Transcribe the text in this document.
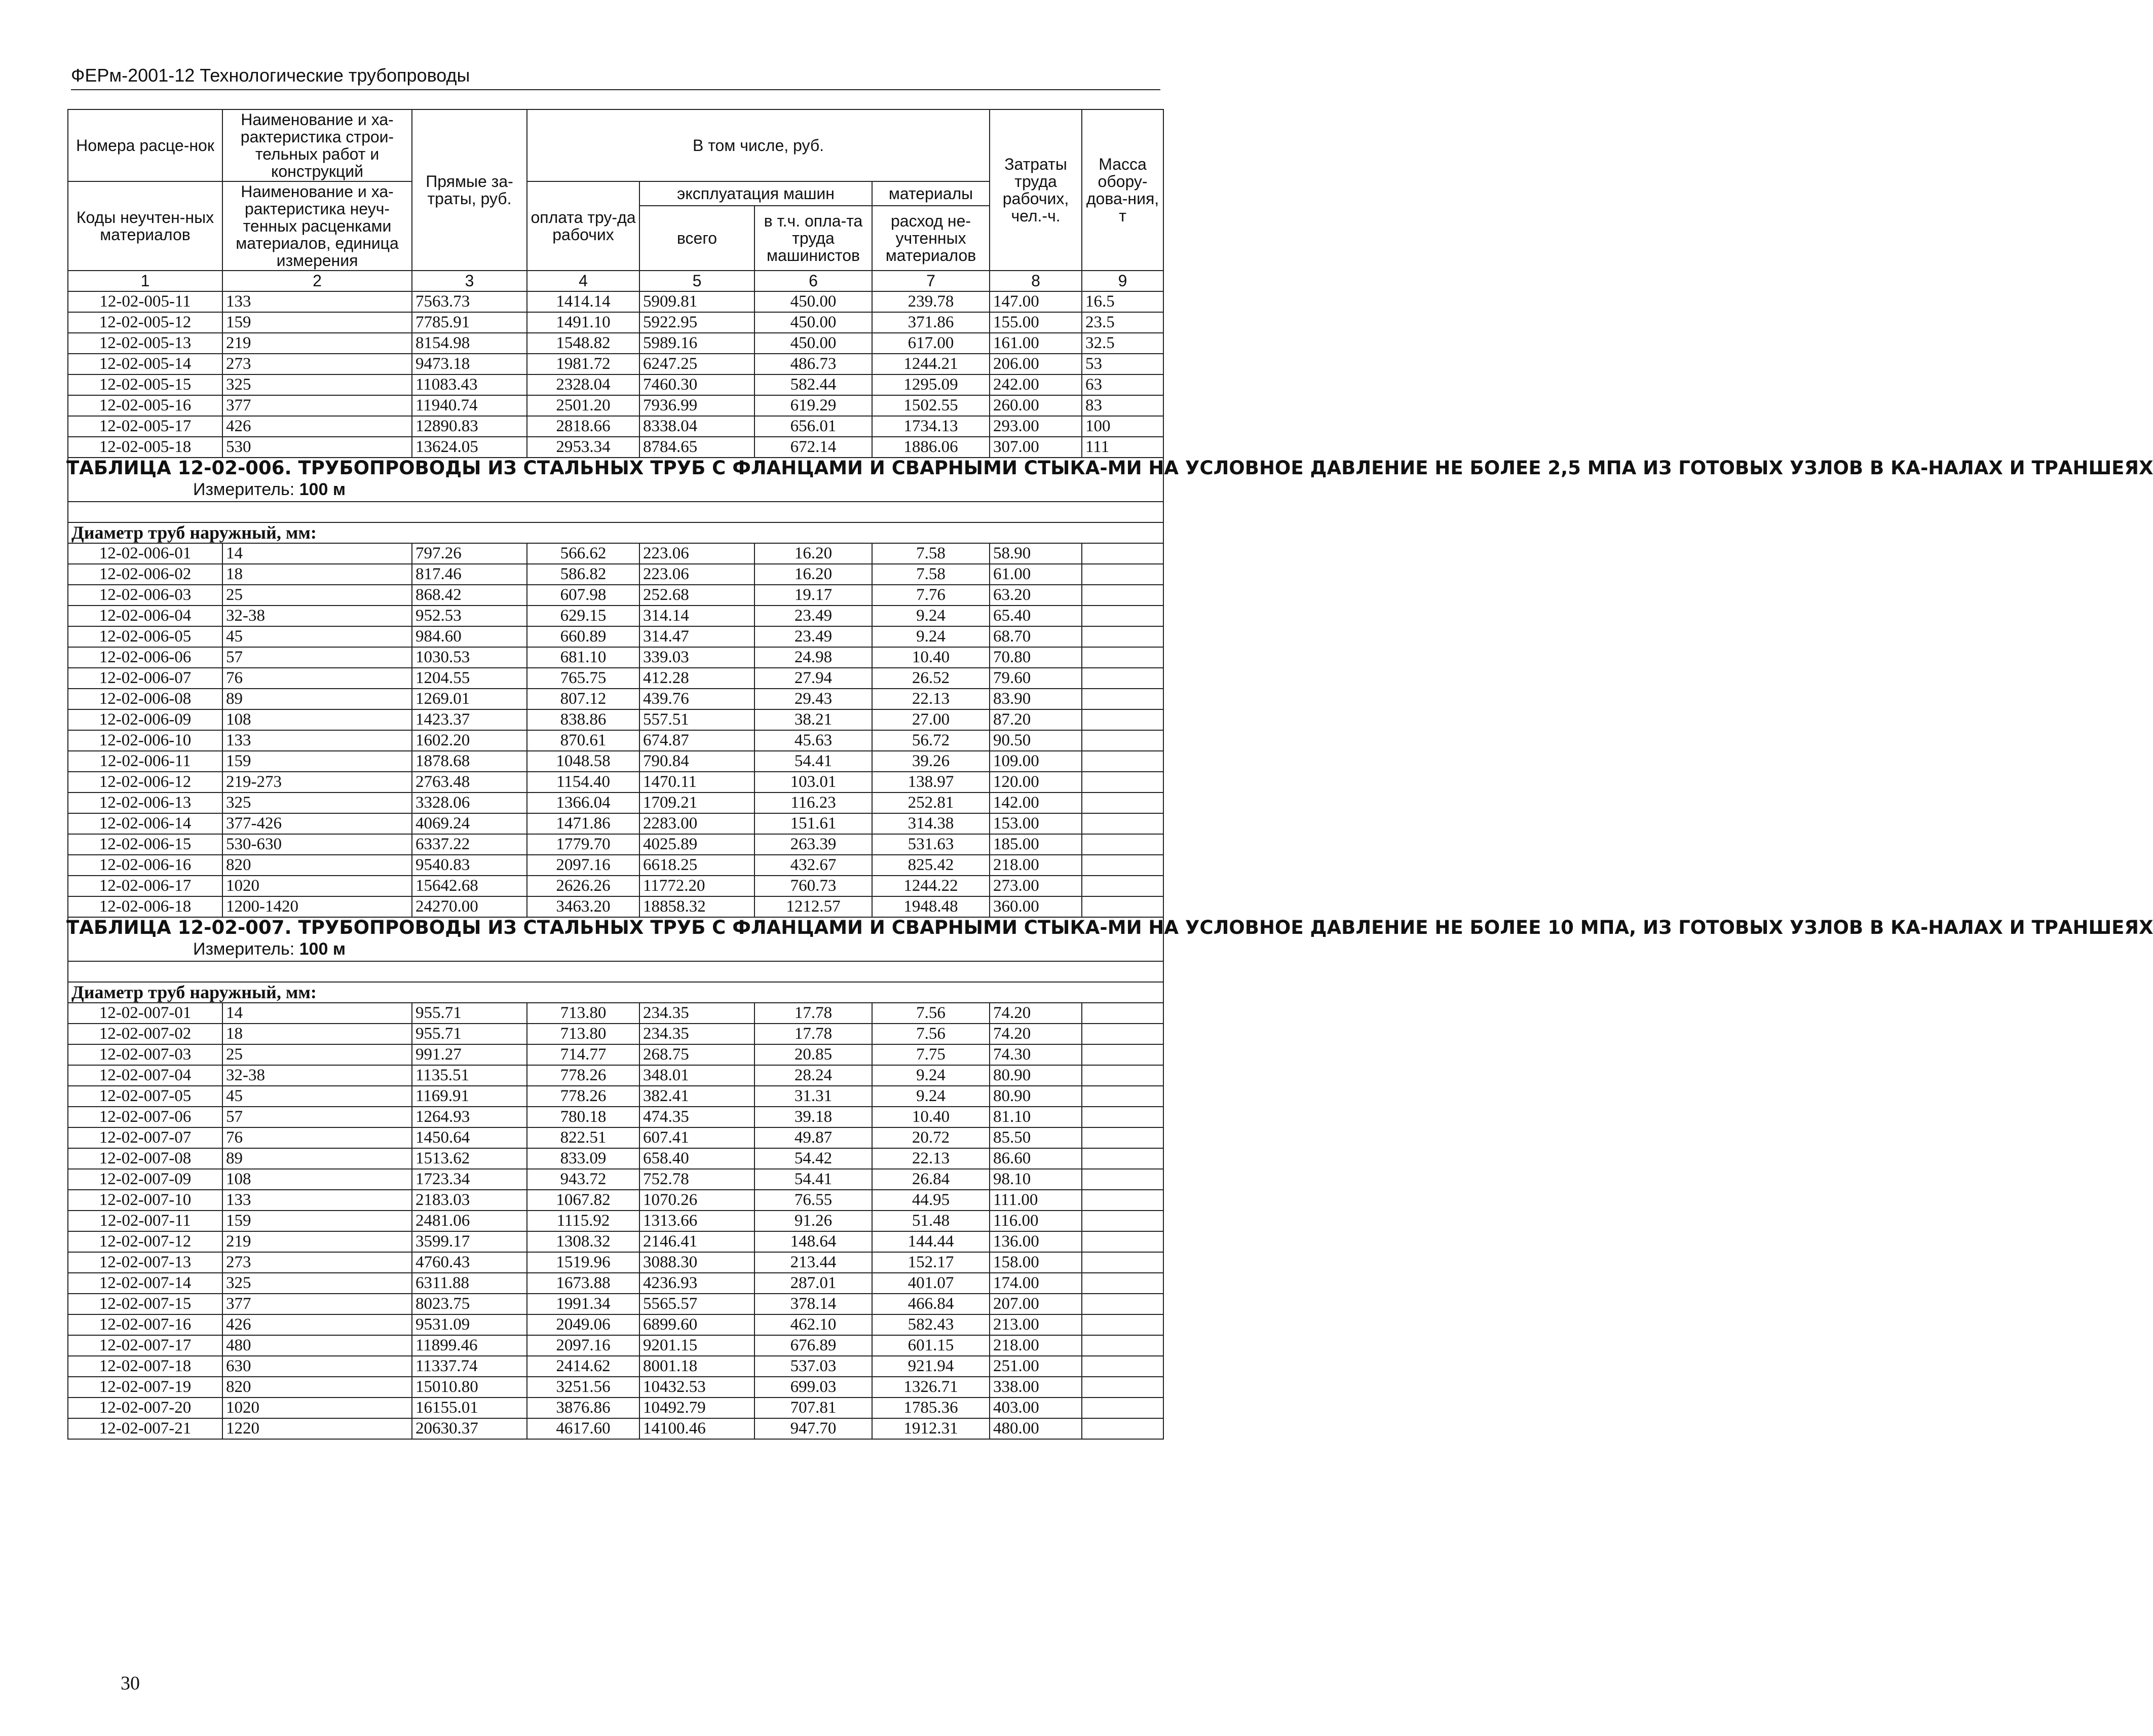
ФЕРм-2001-12 Технологические трубопроводы
Номера расце-нок	Наименование и ха-рактеристика строи-тельных работ и конструкций	Прямые за-траты, руб.	В том числе, руб.				Затраты труда рабочих, чел.-ч.	Масса обору-дова-ния, т
Коды неучтен-ных материалов	Наименование и ха-рактеристика неуч-тенных расценками материалов, единица измерения		оплата тру-да рабочих	эксплуатация машин		материалы		
				всего	в т.ч. опла-та труда машинистов	расход не-учтенных материалов		
1	2	3	4	5	6	7	8	9
12-02-005-11	133	7563.73	1414.14	5909.81	450.00	239.78	147.00	16.5
12-02-005-12	159	7785.91	1491.10	5922.95	450.00	371.86	155.00	23.5
12-02-005-13	219	8154.98	1548.82	5989.16	450.00	617.00	161.00	32.5
12-02-005-14	273	9473.18	1981.72	6247.25	486.73	1244.21	206.00	53
12-02-005-15	325	11083.43	2328.04	7460.30	582.44	1295.09	242.00	63
12-02-005-16	377	11940.74	2501.20	7936.99	619.29	1502.55	260.00	83
12-02-005-17	426	12890.83	2818.66	8338.04	656.01	1734.13	293.00	100
12-02-005-18	530	13624.05	2953.34	8784.65	672.14	1886.06	307.00	111

ТАБЛИЦА 12-02-006. ТРУБОПРОВОДЫ ИЗ СТАЛЬНЫХ ТРУБ С ФЛАНЦАМИ И СВАРНЫМИ СТЫКА-МИ НА УСЛОВНОЕ ДАВЛЕНИЕ НЕ БОЛЕЕ 2,5 МПА ИЗ ГОТОВЫХ УЗЛОВ В КА-НАЛАХ И ТРАНШЕЯХ
Измеритель: 100 м								

Диаметр труб наружный, мм:								
12-02-006-01	14	797.26	566.62	223.06	16.20	7.58	58.90	
12-02-006-02	18	817.46	586.82	223.06	16.20	7.58	61.00	
12-02-006-03	25	868.42	607.98	252.68	19.17	7.76	63.20	
12-02-006-04	32-38	952.53	629.15	314.14	23.49	9.24	65.40	
12-02-006-05	45	984.60	660.89	314.47	23.49	9.24	68.70	
12-02-006-06	57	1030.53	681.10	339.03	24.98	10.40	70.80	
12-02-006-07	76	1204.55	765.75	412.28	27.94	26.52	79.60	
12-02-006-08	89	1269.01	807.12	439.76	29.43	22.13	83.90	
12-02-006-09	108	1423.37	838.86	557.51	38.21	27.00	87.20	
12-02-006-10	133	1602.20	870.61	674.87	45.63	56.72	90.50	
12-02-006-11	159	1878.68	1048.58	790.84	54.41	39.26	109.00	
12-02-006-12	219-273	2763.48	1154.40	1470.11	103.01	138.97	120.00	
12-02-006-13	325	3328.06	1366.04	1709.21	116.23	252.81	142.00	
12-02-006-14	377-426	4069.24	1471.86	2283.00	151.61	314.38	153.00	
12-02-006-15	530-630	6337.22	1779.70	4025.89	263.39	531.63	185.00	
12-02-006-16	820	9540.83	2097.16	6618.25	432.67	825.42	218.00	
12-02-006-17	1020	15642.68	2626.26	11772.20	760.73	1244.22	273.00	
12-02-006-18	1200-1420	24270.00	3463.20	18858.32	1212.57	1948.48	360.00	

ТАБЛИЦА 12-02-007. ТРУБОПРОВОДЫ ИЗ СТАЛЬНЫХ ТРУБ С ФЛАНЦАМИ И СВАРНЫМИ СТЫКА-МИ НА УСЛОВНОЕ ДАВЛЕНИЕ НЕ БОЛЕЕ 10 МПА, ИЗ ГОТОВЫХ УЗЛОВ В КА-НАЛАХ И ТРАНШЕЯХ
Измеритель: 100 м								

Диаметр труб наружный, мм:								
12-02-007-01	14	955.71	713.80	234.35	17.78	7.56	74.20	
12-02-007-02	18	955.71	713.80	234.35	17.78	7.56	74.20	
12-02-007-03	25	991.27	714.77	268.75	20.85	7.75	74.30	
12-02-007-04	32-38	1135.51	778.26	348.01	28.24	9.24	80.90	
12-02-007-05	45	1169.91	778.26	382.41	31.31	9.24	80.90	
12-02-007-06	57	1264.93	780.18	474.35	39.18	10.40	81.10	
12-02-007-07	76	1450.64	822.51	607.41	49.87	20.72	85.50	
12-02-007-08	89	1513.62	833.09	658.40	54.42	22.13	86.60	
12-02-007-09	108	1723.34	943.72	752.78	54.41	26.84	98.10	
12-02-007-10	133	2183.03	1067.82	1070.26	76.55	44.95	111.00	
12-02-007-11	159	2481.06	1115.92	1313.66	91.26	51.48	116.00	
12-02-007-12	219	3599.17	1308.32	2146.41	148.64	144.44	136.00	
12-02-007-13	273	4760.43	1519.96	3088.30	213.44	152.17	158.00	
12-02-007-14	325	6311.88	1673.88	4236.93	287.01	401.07	174.00	
12-02-007-15	377	8023.75	1991.34	5565.57	378.14	466.84	207.00	
12-02-007-16	426	9531.09	2049.06	6899.60	462.10	582.43	213.00	
12-02-007-17	480	11899.46	2097.16	9201.15	676.89	601.15	218.00	
12-02-007-18	630	11337.74	2414.62	8001.18	537.03	921.94	251.00	
12-02-007-19	820	15010.80	3251.56	10432.53	699.03	1326.71	338.00	
12-02-007-20	1020	16155.01	3876.86	10492.79	707.81	1785.36	403.00	
12-02-007-21	1220	20630.37	4617.60	14100.46	947.70	1912.31	480.00	
30
